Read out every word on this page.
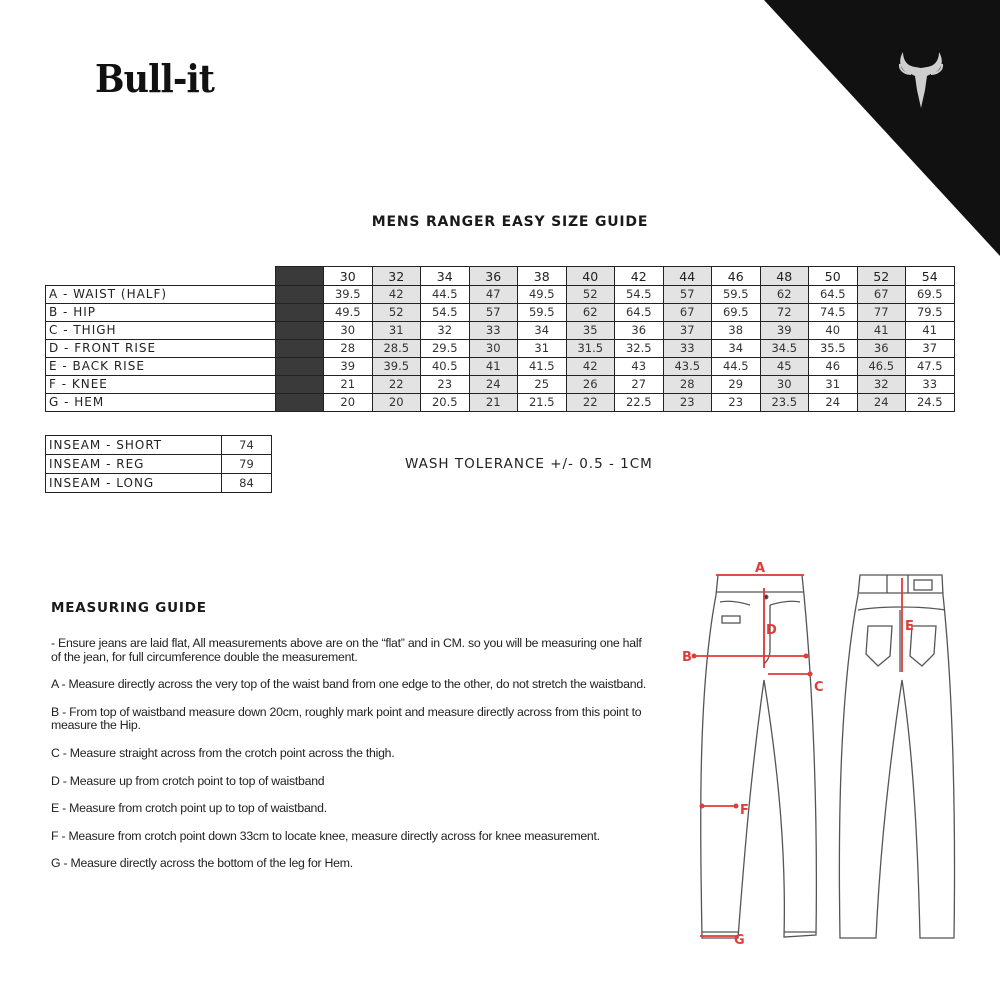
Bull-it
MENS RANGER EASY SIZE GUIDE
		30	32	34	36	38	40	42	44	46	48	50	52	54
A - WAIST (HALF)		39.5	42	44.5	47	49.5	52	54.5	57	59.5	62	64.5	67	69.5
B - HIP		49.5	52	54.5	57	59.5	62	64.5	67	69.5	72	74.5	77	79.5
C - THIGH		30	31	32	33	34	35	36	37	38	39	40	41	41
D - FRONT RISE		28	28.5	29.5	30	31	31.5	32.5	33	34	34.5	35.5	36	37
E - BACK RISE		39	39.5	40.5	41	41.5	42	43	43.5	44.5	45	46	46.5	47.5
F - KNEE		21	22	23	24	25	26	27	28	29	30	31	32	33
G - HEM		20	20	20.5	21	21.5	22	22.5	23	23	23.5	24	24	24.5
INSEAM - SHORT	74
INSEAM - REG	79
INSEAM - LONG	84
WASH TOLERANCE +/- 0.5 - 1CM
MEASURING GUIDE

- Ensure jeans are laid flat, All measurements above are on the “flat” and in CM. so you will be measuring one half of the jean, for full circumference double the measurement.

A - Measure directly across the very top of the waist band from one edge to the other, do not stretch the waistband.

B - From top of waistband measure down 20cm, roughly mark point and measure directly across from this point to measure the Hip.

C - Measure straight across from the crotch point across the thigh.

D - Measure up from crotch point to top of waistband

E - Measure from crotch point up to top of waistband.

F - Measure from crotch point down 33cm to locate knee, measure directly across for knee measurement.

G - Measure directly across the bottom of the leg for Hem.

A
D
B
C
E
F
G
